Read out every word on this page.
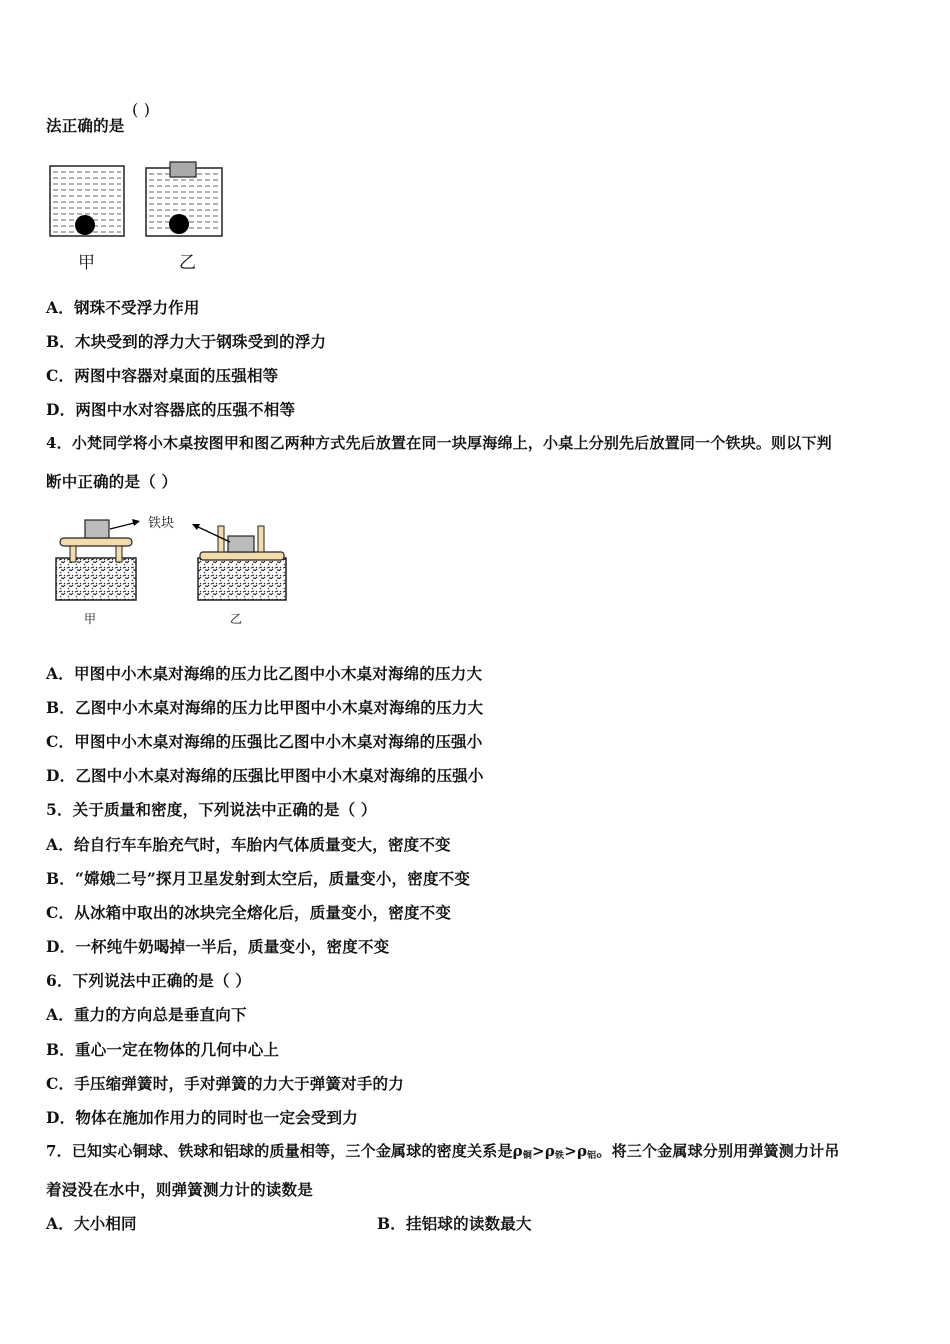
法正确的是
( )
甲	乙
A．钢珠不受浮力作用
B．木块受到的浮力大于钢珠受到的浮力
C．两图中容器对桌面的压强相等
D．两图中水对容器底的压强不相等
4．小梵同学将小木桌按图甲和图乙两种方式先后放置在同一块厚海绵上，小桌上分别先后放置同一个铁块。则以下判
断中正确的是（ ）
铁块
甲	乙
A．甲图中小木桌对海绵的压力比乙图中小木桌对海绵的压力大
B．乙图中小木桌对海绵的压力比甲图中小木桌对海绵的压力大
C．甲图中小木桌对海绵的压强比乙图中小木桌对海绵的压强小
D．乙图中小木桌对海绵的压强比甲图中小木桌对海绵的压强小
5．关于质量和密度，下列说法中正确的是（ ）
A．给自行车车胎充气时，车胎内气体质量变大，密度不变
B．“嫦娥二号”探月卫星发射到太空后，质量变小，密度不变
C．从冰箱中取出的冰块完全熔化后，质量变小，密度不变
D．一杯纯牛奶喝掉一半后，质量变小，密度不变
6．下列说法中正确的是（ ）
A．重力的方向总是垂直向下
B．重心一定在物体的几何中心上
C．手压缩弹簧时，手对弹簧的力大于弹簧对手的力
D．物体在施加作用力的同时也一定会受到力
7．已知实心铜球、铁球和铝球的质量相等，三个金属球的密度关系是$\rho_铜>\rho_铁>\rho_铝$。将三个金属球分别用弹簧测力计吊
着浸没在水中，则弹簧测力计的读数是
A．大小相同	B．挂铝球的读数最大
